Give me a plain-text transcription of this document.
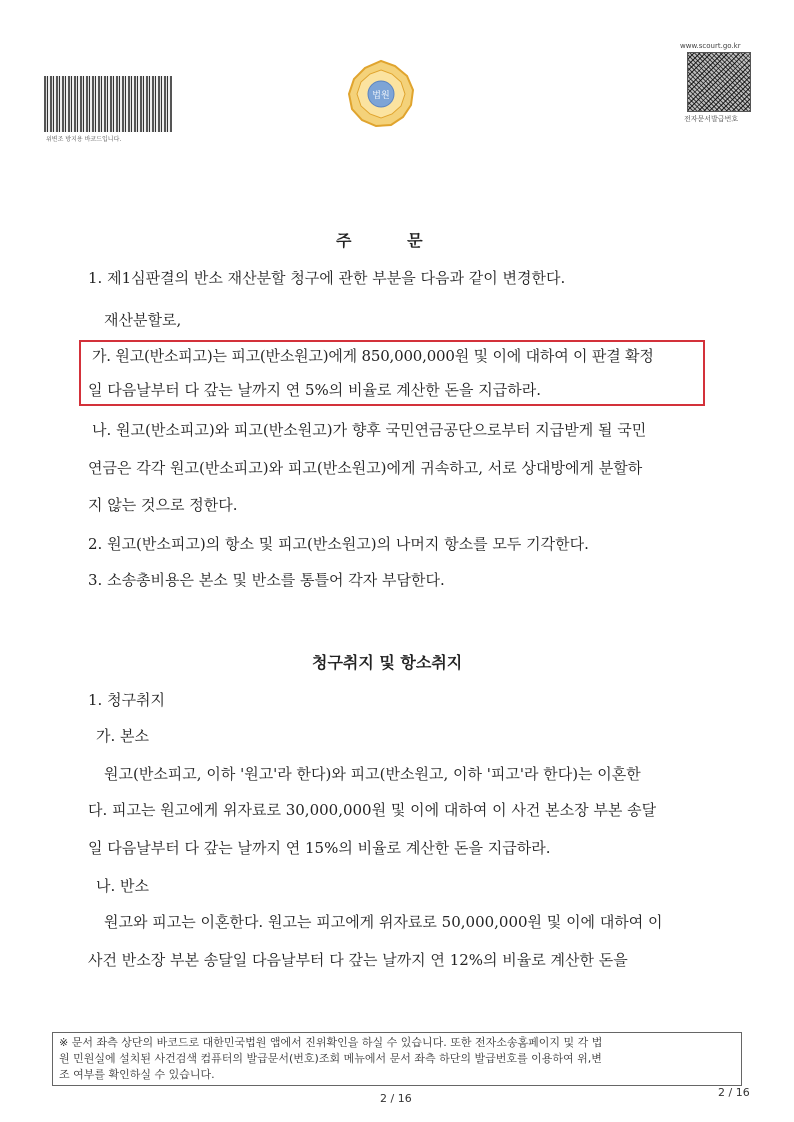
위변조 방지용 바코드입니다.
법원
www.scourt.go.kr
전자문서발급번호
주          문
1. 제1심판결의 반소 재산분할 청구에 관한 부분을 다음과 같이 변경한다.
재산분할로,
가. 원고(반소피고)는 피고(반소원고)에게 850,000,000원 및 이에 대하여 이 판결 확정
일 다음날부터 다 갚는 날까지 연 5%의 비율로 계산한 돈을 지급하라.
나. 원고(반소피고)와 피고(반소원고)가 향후 국민연금공단으로부터 지급받게 될 국민
연금은 각각 원고(반소피고)와 피고(반소원고)에게 귀속하고, 서로 상대방에게 분할하
지 않는 것으로 정한다.
2. 원고(반소피고)의 항소 및 피고(반소원고)의 나머지 항소를 모두 기각한다.
3. 소송총비용은 본소 및 반소를 통틀어 각자 부담한다.
청구취지 및 항소취지
1. 청구취지
가. 본소
원고(반소피고, 이하 '원고'라 한다)와 피고(반소원고, 이하 '피고'라 한다)는 이혼한
다. 피고는 원고에게 위자료로 30,000,000원 및 이에 대하여 이 사건 본소장 부본 송달
일 다음날부터 다 갚는 날까지 연 15%의 비율로 계산한 돈을 지급하라.
나. 반소
원고와 피고는 이혼한다. 원고는 피고에게 위자료로 50,000,000원 및 이에 대하여 이
사건 반소장 부본 송달일 다음날부터 다 갚는 날까지 연 12%의 비율로 계산한 돈을
※ 문서 좌측 상단의 바코드로 대한민국법원 앱에서 진위확인을 하실 수 있습니다. 또한 전자소송홈페이지 및 각 법
원 민원실에 설치된 사건검색 컴퓨터의 발급문서(번호)조회 메뉴에서 문서 좌측 하단의 발급번호를 이용하여 위,변
조 여부를 확인하실 수 있습니다.
2 / 16	2 / 16
